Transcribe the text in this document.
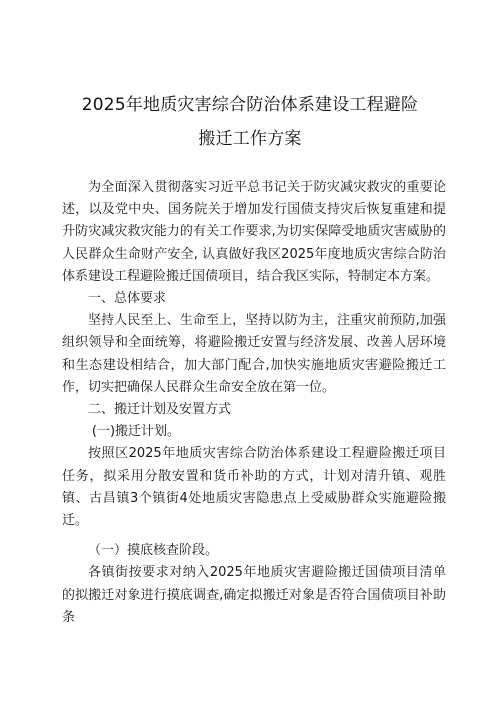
2025年地质灾害综合防治体系建设工程避险
搬迁工作方案

为全面深入贯彻落实习近平总书记关于防灾减灾救灾的重要论述，以及党中央、国务院关于增加发行国债支持灾后恢复重建和提升防灾减灾救灾能力的有关工作要求,为切实保障受地质灾害威胁的人民群众生命财产安全, 认真做好我区2025年度地质灾害综合防治体系建设工程避险搬迁国债项目，结合我区实际，特制定本方案。

一、总体要求

坚持人民至上、生命至上，坚持以防为主，注重灾前预防,加强组织领导和全面统筹，将避险搬迁安置与经济发展、改善人居环境和生态建设相结合，加大部门配合,加快实施地质灾害避险搬迁工作，切实把确保人民群众生命安全放在第一位。

二、搬迁计划及安置方式

(一)搬迁计划。

按照区2025年地质灾害综合防治体系建设工程避险搬迁项目任务，拟采用分散安置和货币补助的方式，计划对清升镇、观胜镇、古昌镇3个镇街4处地质灾害隐患点上受威胁群众实施避险搬迁。

（一）摸底核查阶段。

各镇街按要求对纳入2025年地质灾害避险搬迁国债项目清单的拟搬迁对象进行摸底调查,确定拟搬迁对象是否符合国债项目补助条
